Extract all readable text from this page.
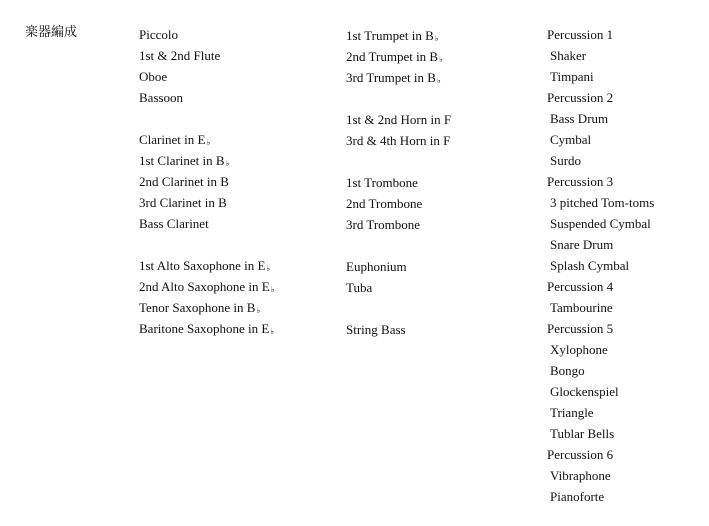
楽器編成	Piccolo
1st & 2nd Flute
Oboe
Bassoon
Clarinet in E♭
1st Clarinet in B♭
2nd Clarinet in B
3rd Clarinet in B
Bass Clarinet
1st Alto Saxophone in E♭
2nd Alto Saxophone in E♭
Tenor Saxophone in B♭
Baritone Saxophone in E♭
1st Trumpet in B♭
2nd Trumpet in B♭
3rd Trumpet in B♭
1st & 2nd Horn in F
3rd & 4th Horn in F
1st Trombone
2nd Trombone
3rd Trombone
Euphonium
Tuba
String Bass
Percussion 1
Shaker
Timpani
Percussion 2
Bass Drum
Cymbal
Surdo
Percussion 3
3 pitched Tom-toms
Suspended Cymbal
Snare Drum
Splash Cymbal
Percussion 4
Tambourine
Percussion 5
Xylophone
Bongo
Glockenspiel
Triangle
Tublar Bells
Percussion 6
Vibraphone
Pianoforte
